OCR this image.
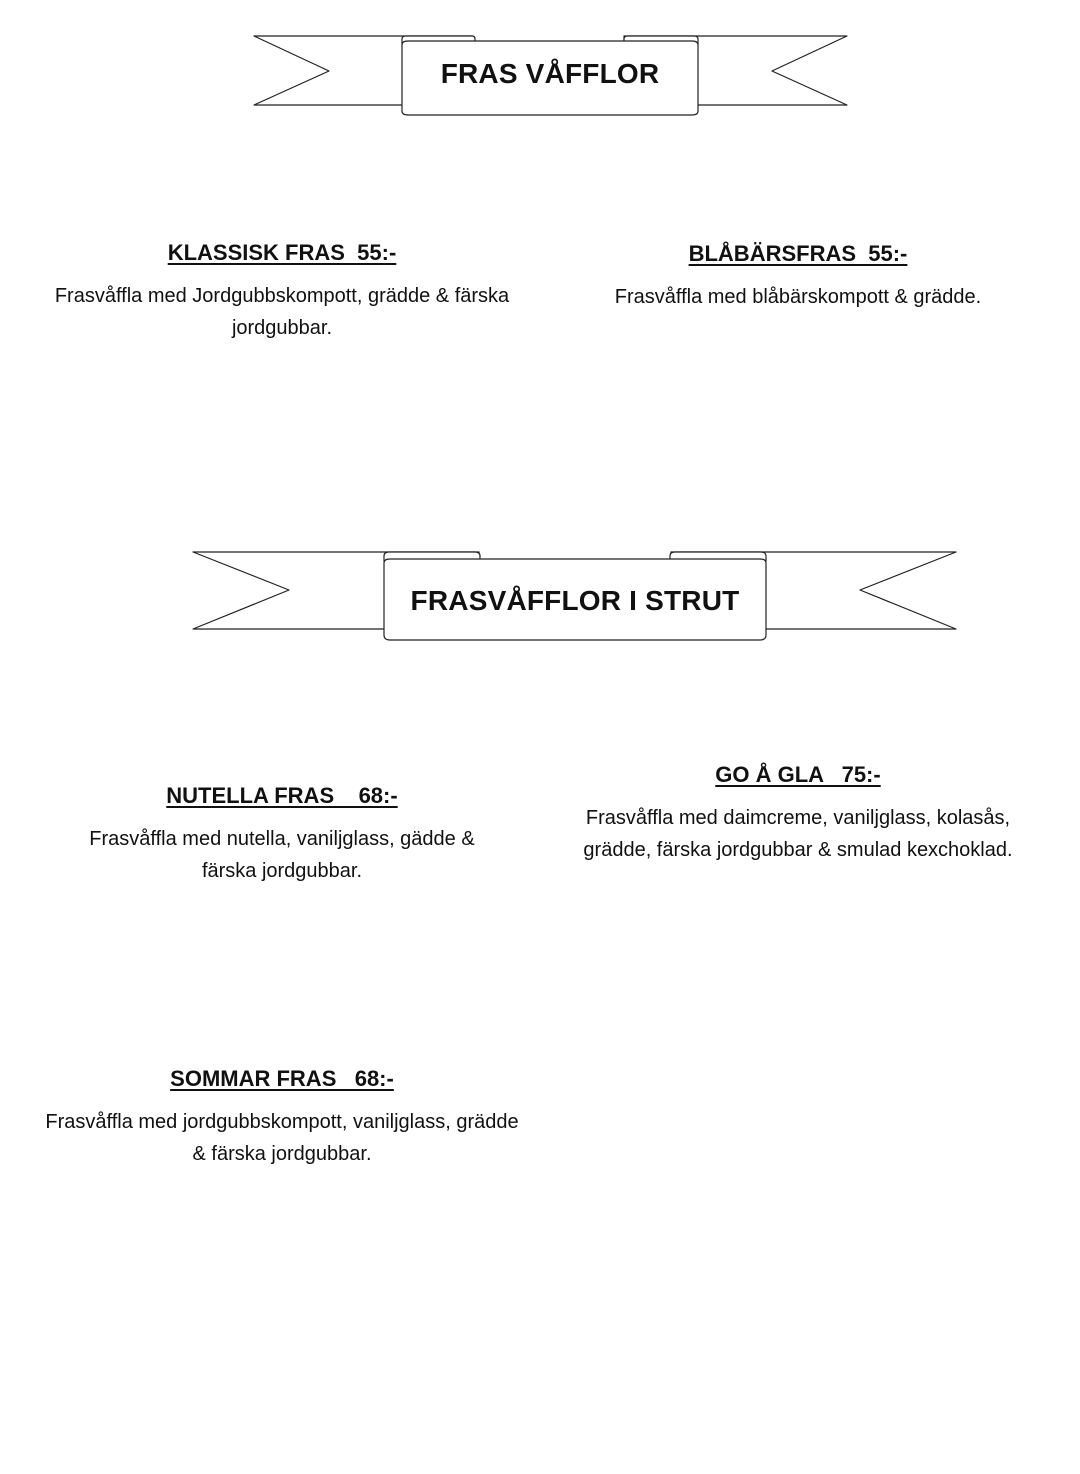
FRAS VÅFFLOR

KLASSISK FRAS  55:-

Frasvåffla med Jordgubbskompott, grädde & färska jordgubbar.

BLÅBÄRSFRAS  55:-

Frasvåffla med blåbärskompott & grädde.

FRASVÅFFLOR I STRUT

NUTELLA FRAS    68:-

Frasvåffla med nutella, vaniljglass, gädde & färska jordgubbar.

GO Å GLA   75:-

Frasvåffla med daimcreme, vaniljglass, kolasås, grädde, färska jordgubbar & smulad kexchoklad.

SOMMAR FRAS   68:-

Frasvåffla med jordgubbskompott, vaniljglass, grädde & färska jordgubbar.
